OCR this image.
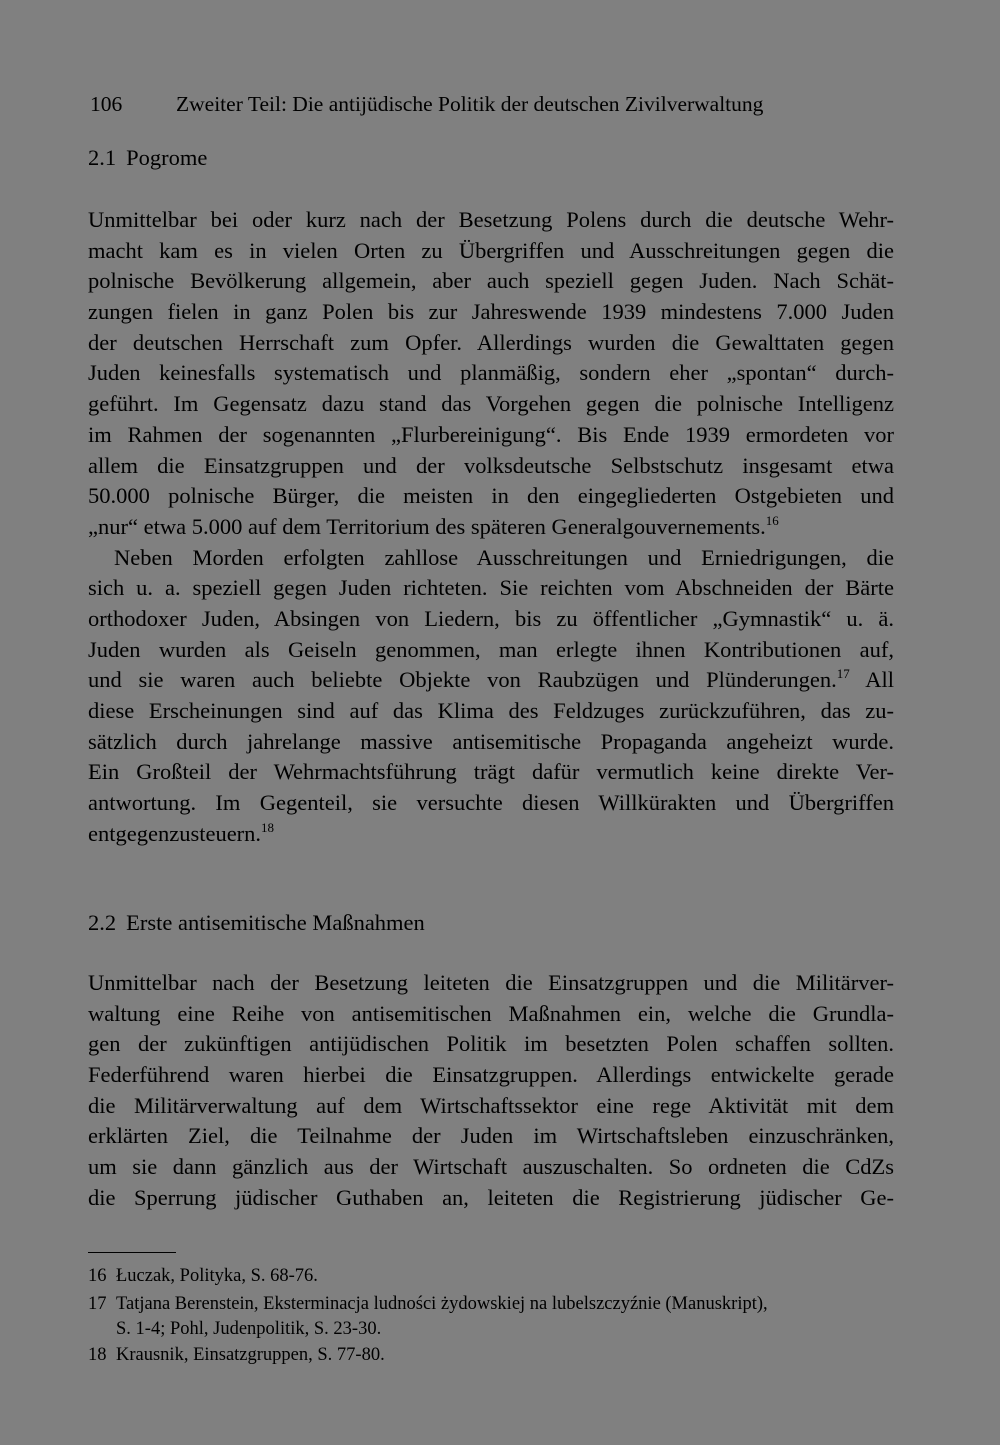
106	Zweiter Teil: Die antijüdische Politik der deutschen Zivilverwaltung
2.1 Pogrome
Unmittelbar bei oder kurz nach der Besetzung Polens durch die deutsche Wehr-
macht kam es in vielen Orten zu Übergriffen und Ausschreitungen gegen die
polnische Bevölkerung allgemein, aber auch speziell gegen Juden. Nach Schät-
zungen fielen in ganz Polen bis zur Jahreswende 1939 mindestens 7.000 Juden
der deutschen Herrschaft zum Opfer. Allerdings wurden die Gewalttaten gegen
Juden keinesfalls systematisch und planmäßig, sondern eher „spontan“ durch-
geführt. Im Gegensatz dazu stand das Vorgehen gegen die polnische Intelligenz
im Rahmen der sogenannten „Flurbereinigung“. Bis Ende 1939 ermordeten vor
allem die Einsatzgruppen und der volksdeutsche Selbstschutz insgesamt etwa
50.000 polnische Bürger, die meisten in den eingegliederten Ostgebieten und
„nur“ etwa 5.000 auf dem Territorium des späteren Generalgouvernements.$^{16}$
Neben Morden erfolgten zahllose Ausschreitungen und Erniedrigungen, die
sich u. a. speziell gegen Juden richteten. Sie reichten vom Abschneiden der Bärte
orthodoxer Juden, Absingen von Liedern, bis zu öffentlicher „Gymnastik“ u. ä.
Juden wurden als Geiseln genommen, man erlegte ihnen Kontributionen auf,
und sie waren auch beliebte Objekte von Raubzügen und Plünderungen.$^{17}$ All
diese Erscheinungen sind auf das Klima des Feldzuges zurückzuführen, das zu-
sätzlich durch jahrelange massive antisemitische Propaganda angeheizt wurde.
Ein Großteil der Wehrmachtsführung trägt dafür vermutlich keine direkte Ver-
antwortung. Im Gegenteil, sie versuchte diesen Willkürakten und Übergriffen
entgegenzusteuern.$^{18}$
2.2 Erste antisemitische Maßnahmen
Unmittelbar nach der Besetzung leiteten die Einsatzgruppen und die Militärver-
waltung eine Reihe von antisemitischen Maßnahmen ein, welche die Grundla-
gen der zukünftigen antijüdischen Politik im besetzten Polen schaffen sollten.
Federführend waren hierbei die Einsatzgruppen. Allerdings entwickelte gerade
die Militärverwaltung auf dem Wirtschaftssektor eine rege Aktivität mit dem
erklärten Ziel, die Teilnahme der Juden im Wirtschaftsleben einzuschränken,
um sie dann gänzlich aus der Wirtschaft auszuschalten. So ordneten die CdZs
die Sperrung jüdischer Guthaben an, leiteten die Registrierung jüdischer Ge-
16 Łuczak, Polityka, S. 68-76.
17 Tatjana Berenstein, Eksterminacja ludności żydowskiej na lubelszczyźnie (Manuskript),
S. 1-4; Pohl, Judenpolitik, S. 23-30.
18 Krausnik, Einsatzgruppen, S. 77-80.
